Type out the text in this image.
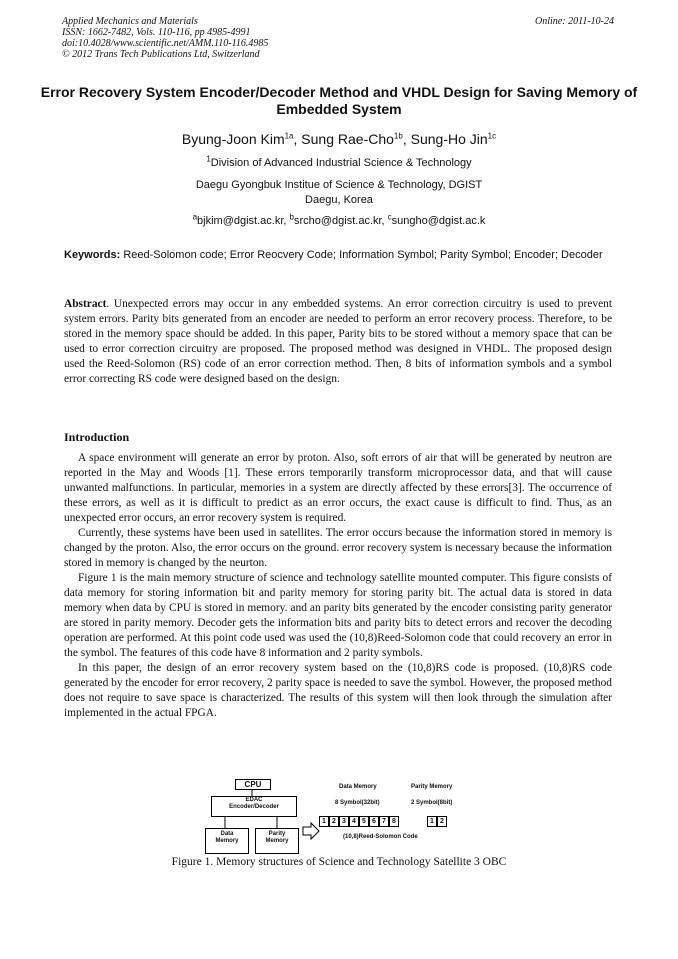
Applied Mechanics and Materials
ISSN: 1662-7482, Vols. 110-116, pp 4985-4991
doi:10.4028/www.scientific.net/AMM.110-116.4985
© 2012 Trans Tech Publications Ltd, Switzerland
Online: 2011-10-24
Error Recovery System Encoder/Decoder Method and VHDL Design for Saving Memory of Embedded System
Byung-Joon Kim$^{1a}$, Sung Rae-Cho$^{1b}$, Sung-Ho Jin$^{1c}$
$^1$Division of Advanced Industrial Science & Technology
Daegu Gyongbuk Institue of Science & Technology, DGIST
Daegu, Korea
$^a$bjkim@dgist.ac.kr, $^b$srcho@dgist.ac.kr, $^c$sungho@dgist.ac.k
Keywords: Reed-Solomon code; Error Reocvery Code; Information Symbol; Parity Symbol; Encoder; Decoder
Abstract. Unexpected errors may occur in any embedded systems. An error correction circuitry is used to prevent system errors. Parity bits generated from an encoder are needed to perform an error recovery process. Therefore, to be stored in the memory space should be added. In this paper, Parity bits to be stored without a memory space that can be used to error correction circuitry are proposed. The proposed method was designed in VHDL. The proposed design used the Reed-Solomon (RS) code of an error correction method. Then, 8 bits of information symbols and a symbol error correcting RS code were designed based on the design.
Introduction

A space environment will generate an error by proton. Also, soft errors of air that will be generated by neutron are reported in the May and Woods [1]. These errors temporarily transform microprocessor data, and that will cause unwanted malfunctions. In particular, memories in a system are directly affected by these errors[3]. The occurrence of these errors, as well as it is difficult to predict as an error occurs, the exact cause is difficult to find. Thus, as an unexpected error occurs, an error recovery system is required.

Currently, these systems have been used in satellites. The error occurs because the information stored in memory is changed by the proton. Also, the error occurs on the ground. error recovery system is necessary because the information stored in memory is changed by the neurton.

Figure 1 is the main memory structure of science and technology satellite mounted computer. This figure consists of data memory for storing information bit and parity memory for storing parity bit. The actual data is stored in data memory when data by CPU is stored in memory. and an parity bits generated by the encoder consisting parity generator are stored in parity memory. Decoder gets the information bits and parity bits to detect errors and recover the decoding operation are performed. At this point code used was used the (10,8)Reed-Solomon code that could recovery an error in the symbol. The features of this code have 8 information and 2 parity symbols.

In this paper, the design of an error recovery system based on the (10,8)RS code is proposed. (10,8)RS code generated by the encoder for error recovery, 2 parity space is needed to save the symbol. However, the proposed method does not require to save space is characterized. The results of this system will then look through the simulation after implemented in the actual FPGA.

CPU
EDAC
Encoder/Decoder
Data
Memory
Parity
Memory
Data Memory	Parity Memory
8 Symbol(32bit)	2 Symbol(8bit)
1 2 3 4 5 6 7 8	1 2
(10,8)Reed-Solomon Code
Figure 1. Memory structures of Science and Technology Satellite 3 OBC
